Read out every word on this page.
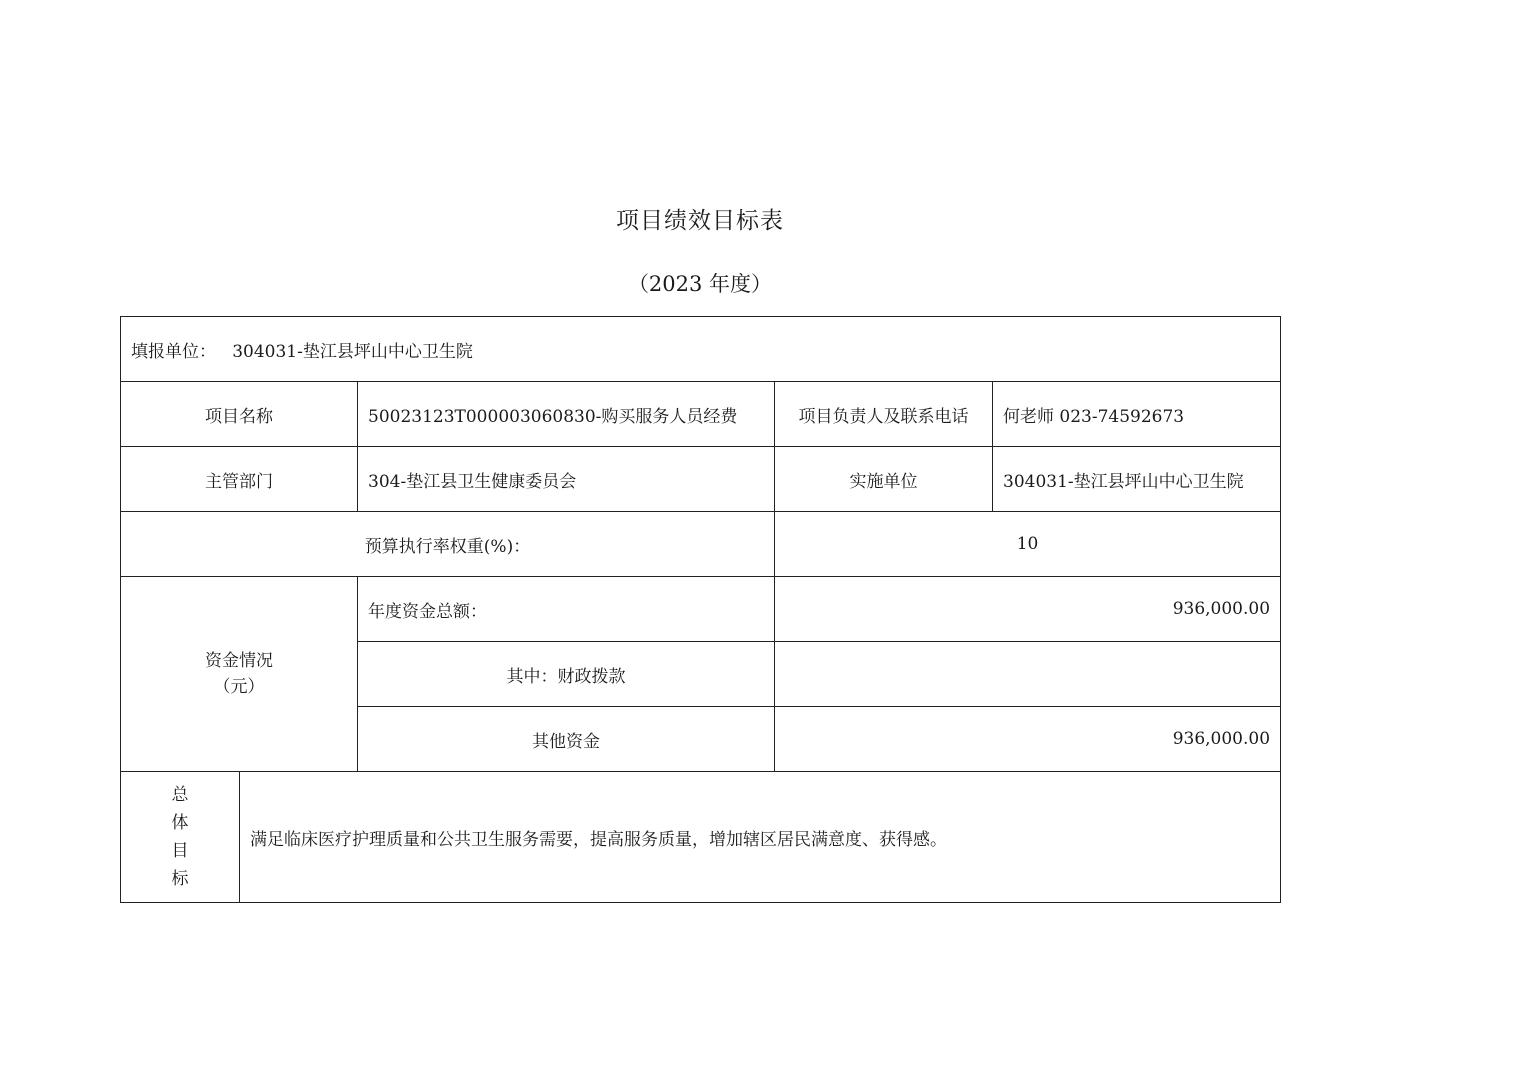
项目绩效目标表
（2023 年度）
填报单位： 304031-垫江县坪山中心卫生院				
项目名称		50023123T000003060830-购买服务人员经费	项目负责人及联系电话	何老师 023-74592673
主管部门		304-垫江县卫生健康委员会	实施单位	304031-垫江县坪山中心卫生院
预算执行率权重(%)：			10	

资金情况
（元）		年度资金总额：	936,000.00	
		其中：财政拨款		
		其他资金	936,000.00	

总
体
目
标	满足临床医疗护理质量和公共卫生服务需要，提高服务质量，增加辖区居民满意度、获得感。			
